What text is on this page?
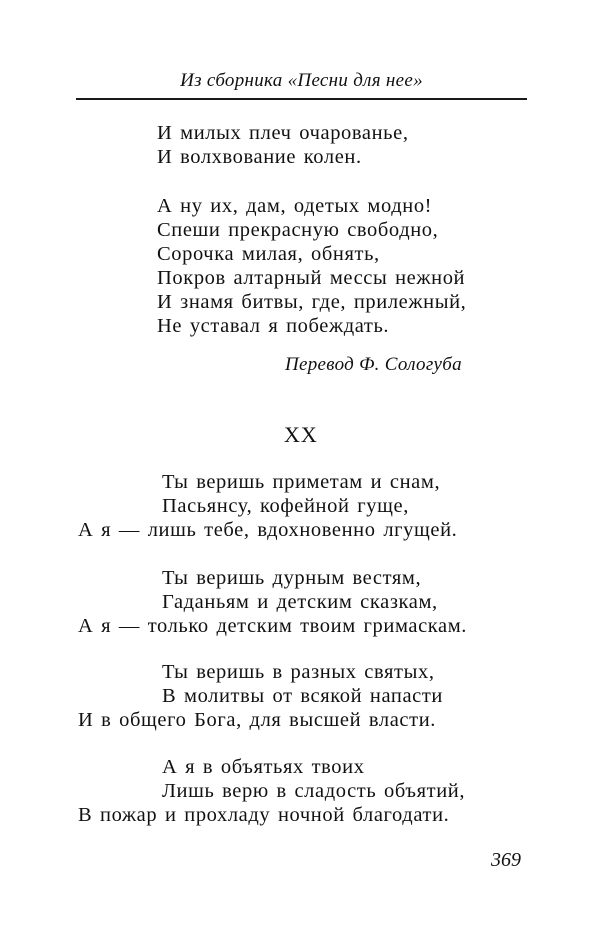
Из сборника «Песни для нее»
И милых плеч очарованье,
И волхвование колен.
А ну их, дам, одетых модно!
Спеши прекрасную свободно,
Сорочка милая, обнять,
Покров алтарный мессы нежной
И знамя битвы, где, прилежный,
Не уставал я побеждать.
Перевод Ф. Сологуба
XX
Ты веришь приметам и снам,
Пасьянсу, кофейной гуще,
А я — лишь тебе, вдохновенно лгущей.
Ты веришь дурным вестям,
Гаданьям и детским сказкам,
А я — только детским твоим гримаскам.
Ты веришь в разных святых,
В молитвы от всякой напасти
И в общего Бога, для высшей власти.
А я в объятьях твоих
Лишь верю в сладость объятий,
В пожар и прохладу ночной благодати.
369
